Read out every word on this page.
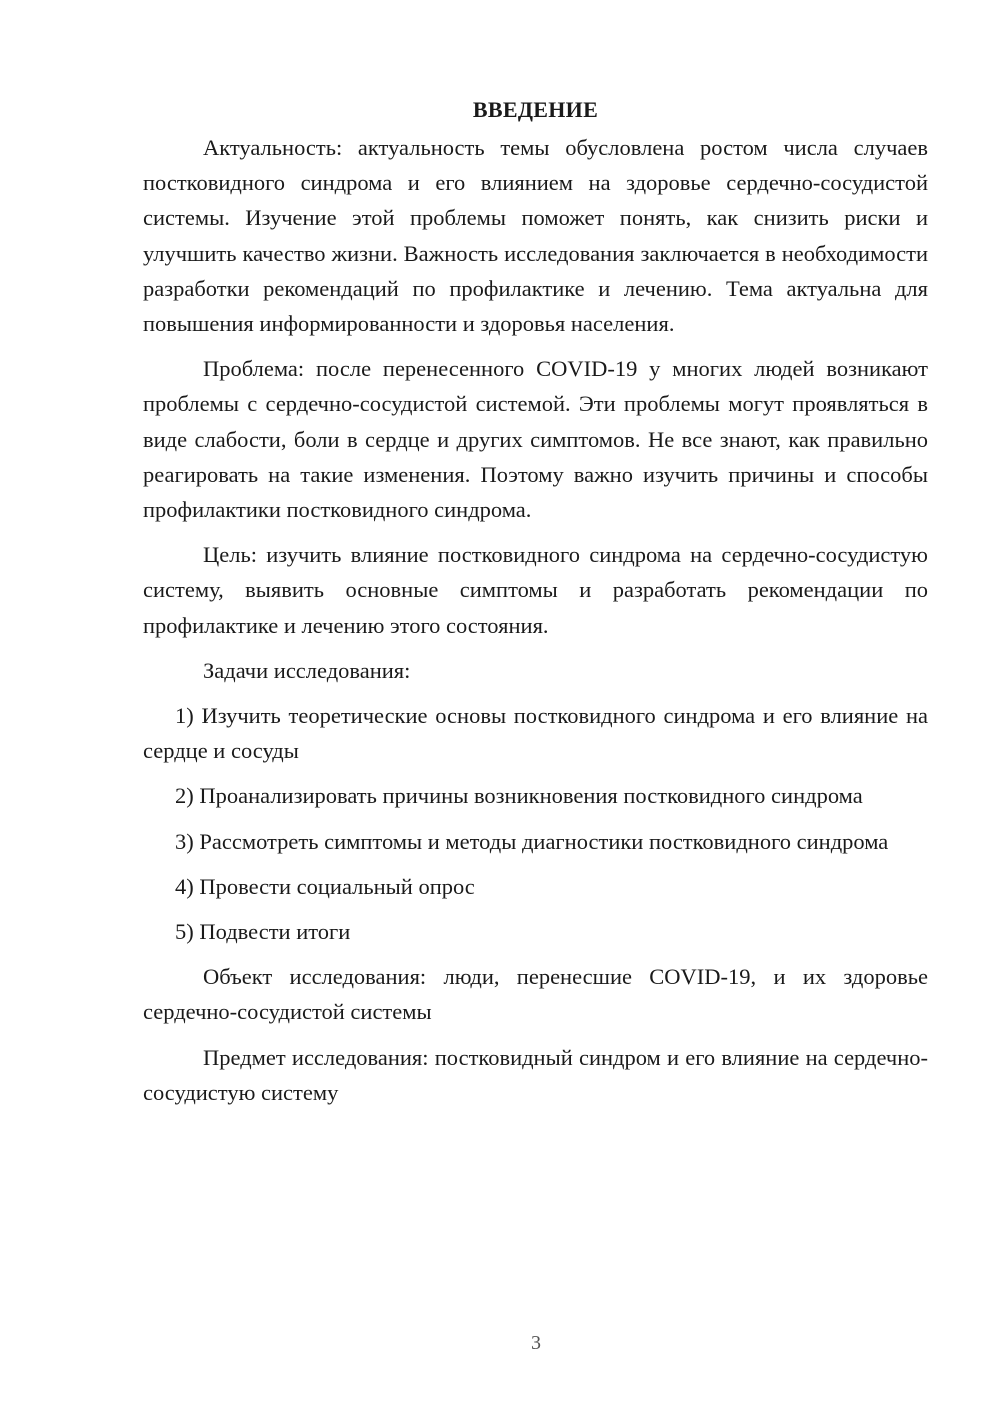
ВВЕДЕНИЕ

Актуальность: актуальность темы обусловлена ростом числа случаев постковидного синдрома и его влиянием на здоровье сердечно-сосудистой системы. Изучение этой проблемы поможет понять, как снизить риски и улучшить качество жизни. Важность исследования заключается в необходимости разработки рекомендаций по профилактике и лечению. Тема актуальна для повышения информированности и здоровья населения.

Проблема: после перенесенного COVID-19 у многих людей возникают проблемы с сердечно-сосудистой системой. Эти проблемы могут проявляться в виде слабости, боли в сердце и других симптомов. Не все знают, как правильно реагировать на такие изменения. Поэтому важно изучить причины и способы профилактики постковидного синдрома.

Цель: изучить влияние постковидного синдрома на сердечно-сосудистую систему, выявить основные симптомы и разработать рекомендации по профилактике и лечению этого состояния.

Задачи исследования:

1) Изучить теоретические основы постковидного синдрома и его влияние на сердце и сосуды

2) Проанализировать причины возникновения постковидного синдрома

3) Рассмотреть симптомы и методы диагностики постковидного синдрома

4) Провести социальный опрос

5) Подвести итоги

Объект исследования: люди, перенесшие COVID-19, и их здоровье сердечно-сосудистой системы

Предмет исследования: постковидный синдром и его влияние на сердечно-сосудистую систему

3
